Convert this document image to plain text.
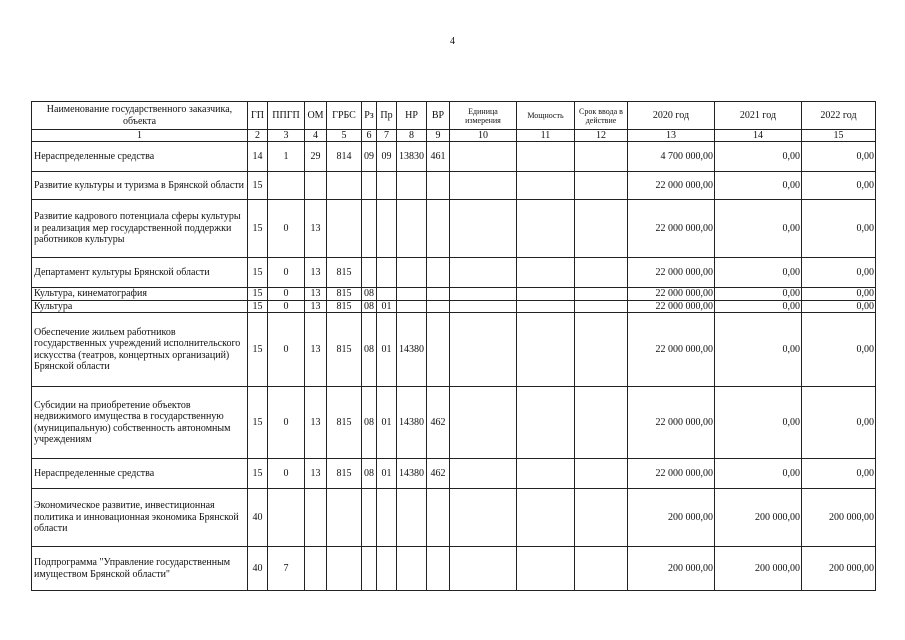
4
Наименование государственного заказчика, объекта	ГП	ППГП	ОМ	ГРБС	Рз	Пр	НР	ВР	Единица измерения	Мощность	Срок ввода в действие	2020 год	2021 год	2022 год
1	2	3	4	5	6	7	8	9	10	11	12	13	14	15
Нераспределенные средства	14	1	29	814	09	09	13830	461				4 700 000,00	0,00	0,00
Развитие культуры и туризма в Брянской области	15											22 000 000,00	0,00	0,00
Развитие кадрового потенциала сферы культуры и реализация мер государственной поддержки работников культуры	15	0	13									22 000 000,00	0,00	0,00
Департамент культуры Брянской области	15	0	13	815								22 000 000,00	0,00	0,00
Культура, кинематография	15	0	13	815	08							22 000 000,00	0,00	0,00
Культура	15	0	13	815	08	01						22 000 000,00	0,00	0,00
Обеспечение жильем работников государственных учреждений исполнительского искусства (театров, концертных организаций) Брянской области	15	0	13	815	08	01	14380					22 000 000,00	0,00	0,00
Субсидии на приобретение объектов недвижимого имущества в государственную (муниципальную) собственность автономным учреждениям	15	0	13	815	08	01	14380	462				22 000 000,00	0,00	0,00
Нераспределенные средства	15	0	13	815	08	01	14380	462				22 000 000,00	0,00	0,00
Экономическое развитие, инвестиционная политика и инновационная экономика Брянской области	40											200 000,00	200 000,00	200 000,00
Подпрограмма "Управление государственным имуществом Брянской области"	40	7										200 000,00	200 000,00	200 000,00
